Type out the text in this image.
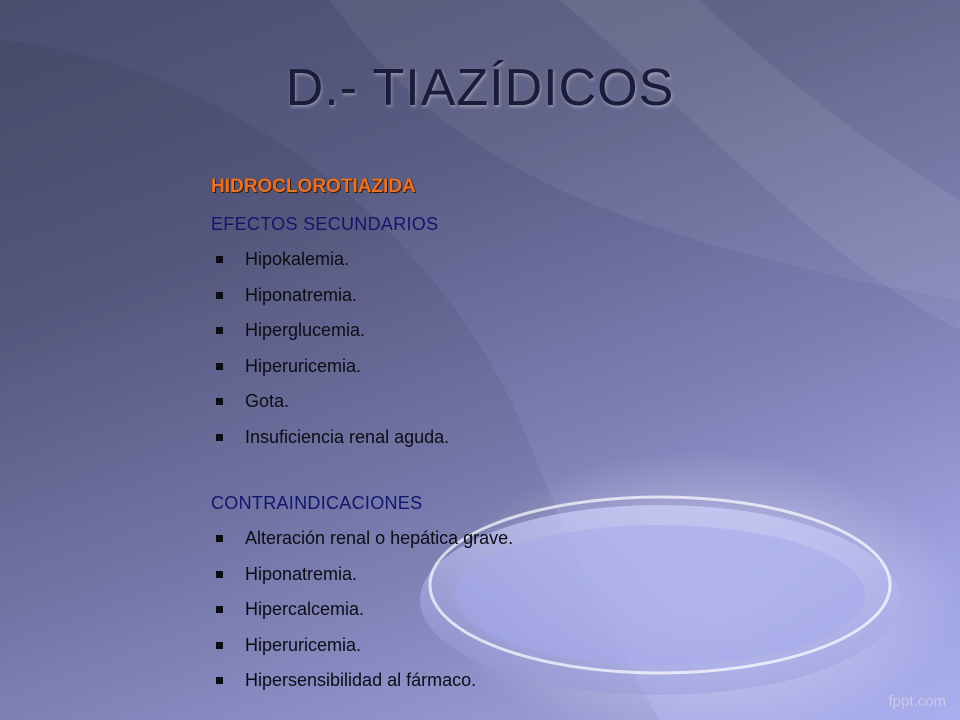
D.- TIAZÍDICOS
HIDROCLOROTIAZIDA
EFECTOS SECUNDARIOS
Hipokalemia.
Hiponatremia.
Hiperglucemia.
Hiperuricemia.
Gota.
Insuficiencia renal aguda.
CONTRAINDICACIONES
Alteración renal o hepática grave.
Hiponatremia.
Hipercalcemia.
Hiperuricemia.
Hipersensibilidad al fármaco.
fppt.com
